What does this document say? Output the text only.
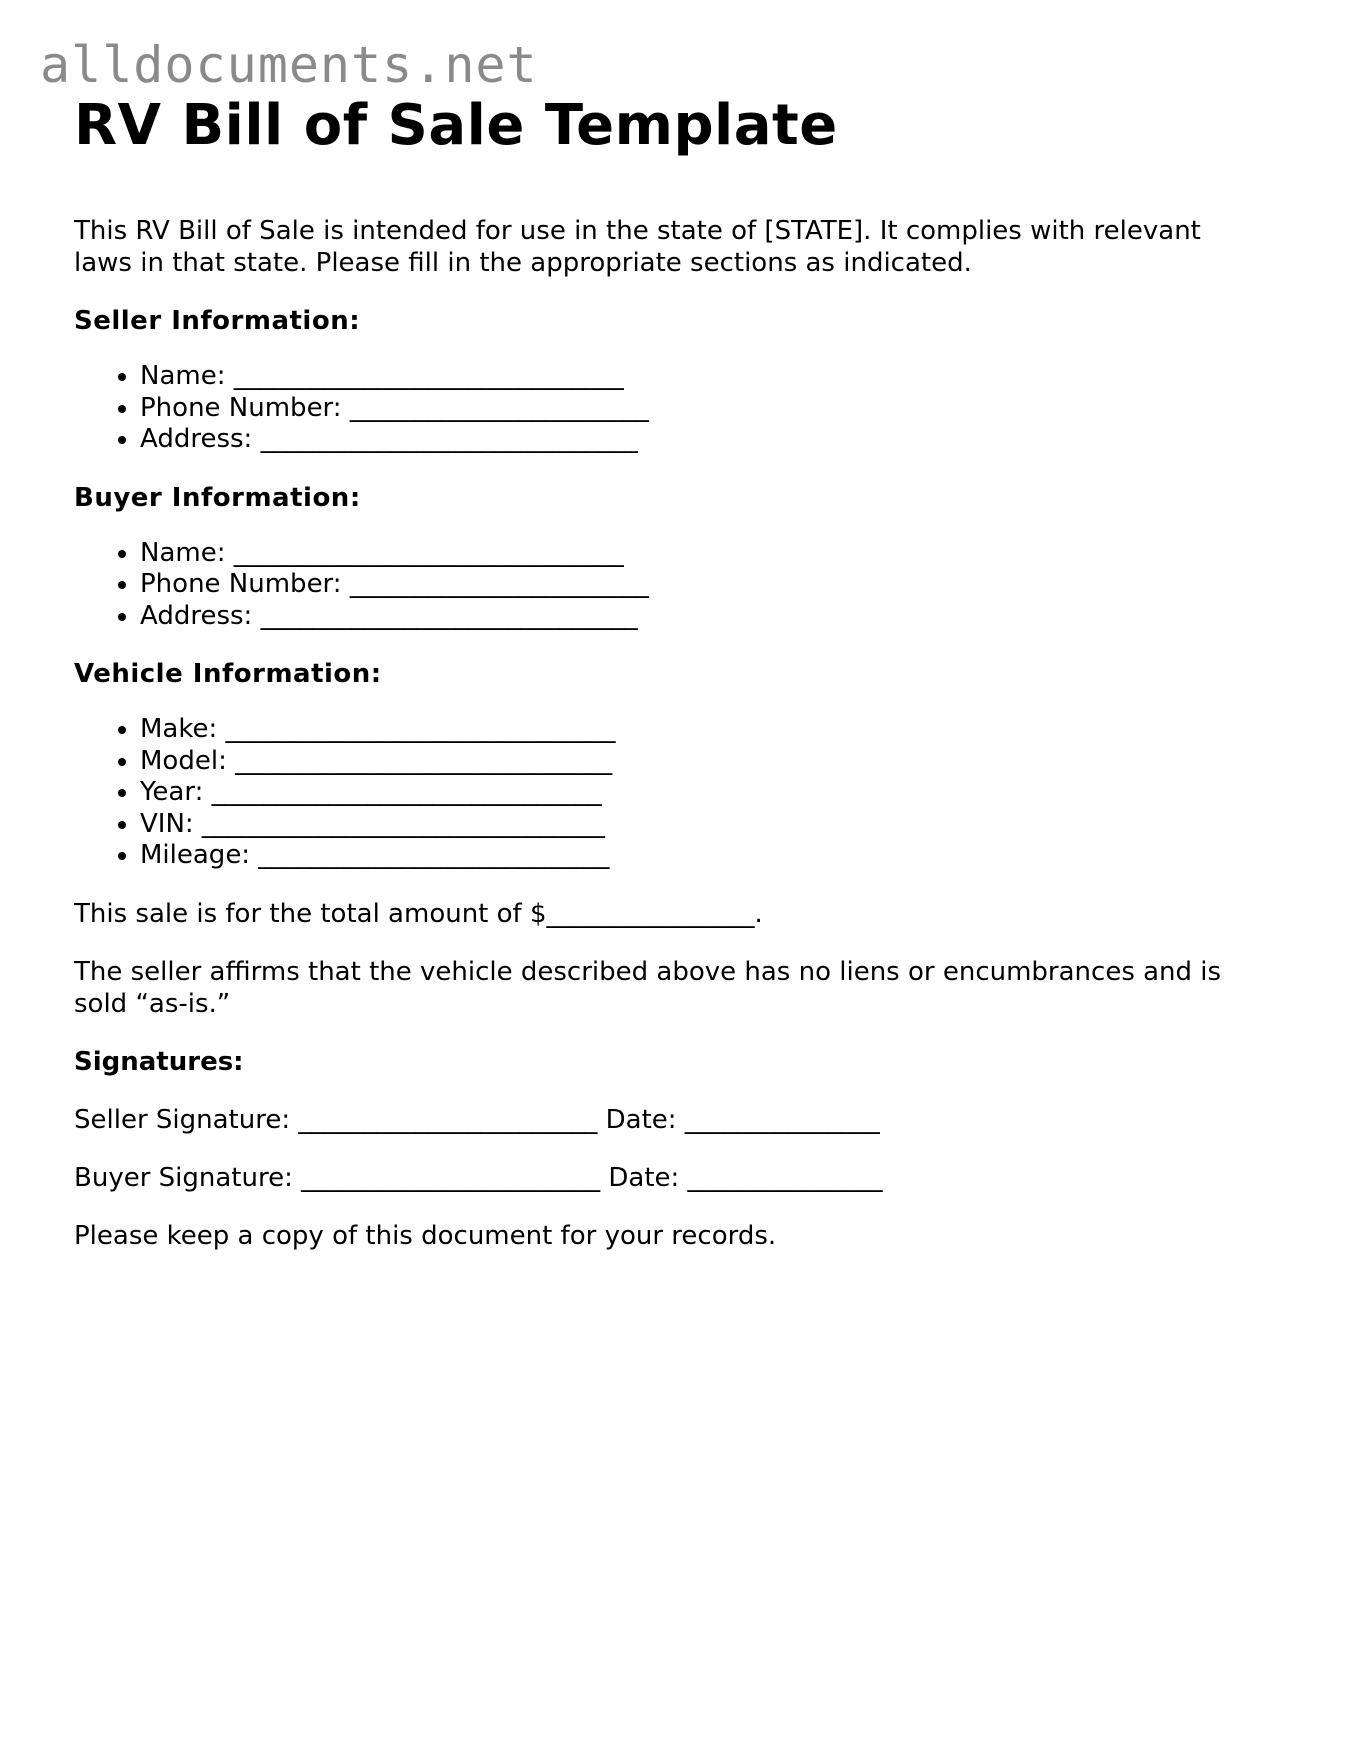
alldocuments.net
RV Bill of Sale Template

This RV Bill of Sale is intended for use in the state of [STATE]. It complies with relevant laws in that state. Please fill in the appropriate sections as indicated.

Seller Information:

• Name: ______________________________
• Phone Number: _______________________
• Address: _____________________________

Buyer Information:

• Name: ______________________________
• Phone Number: _______________________
• Address: _____________________________

Vehicle Information:

• Make: ______________________________
• Model: _____________________________
• Year: ______________________________
• VIN: _______________________________
• Mileage: ___________________________

This sale is for the total amount of $________________.

The seller affirms that the vehicle described above has no liens or encumbrances and is sold “as-is.”

Signatures:

Seller Signature: _______________________ Date: _______________

Buyer Signature: _______________________ Date: _______________

Please keep a copy of this document for your records.
